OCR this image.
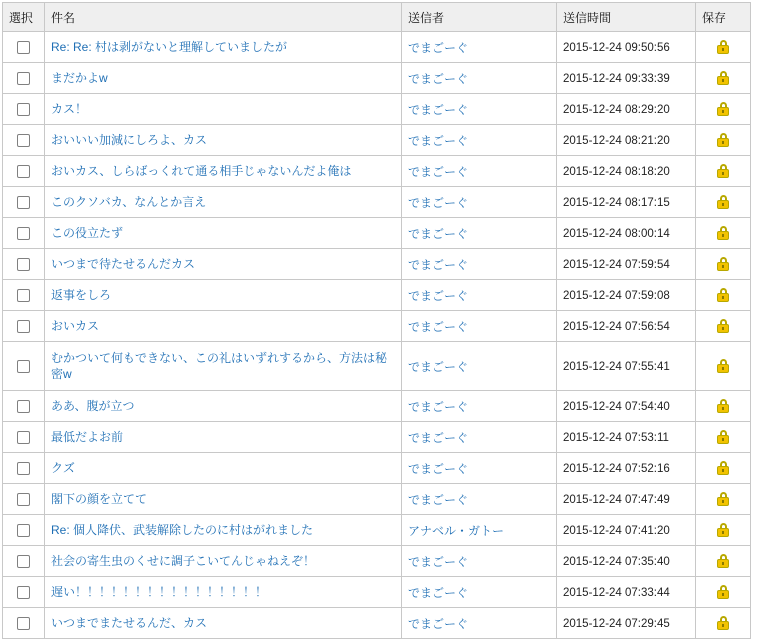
選択	件名	送信者	送信時間	保存
	Re: Re: 村は剥がないと理解していましたが	でまごーぐ	2015-12-24 09:50:56	

	まだかよw	でまごーぐ	2015-12-24 09:33:39	

	カス！	でまごーぐ	2015-12-24 08:29:20	

	おいいい加減にしろよ、カス	でまごーぐ	2015-12-24 08:21:20	

	おいカス、しらばっくれて通る相手じゃないんだよ俺は	でまごーぐ	2015-12-24 08:18:20	

	このクソバカ、なんとか言え	でまごーぐ	2015-12-24 08:17:15	

	この役立たず	でまごーぐ	2015-12-24 08:00:14	

	いつまで待たせるんだカス	でまごーぐ	2015-12-24 07:59:54	

	返事をしろ	でまごーぐ	2015-12-24 07:59:08	

	おいカス	でまごーぐ	2015-12-24 07:56:54	

	むかついて何もできない、この礼はいずれするから、方法は秘密w	でまごーぐ	2015-12-24 07:55:41	

	ああ、腹が立つ	でまごーぐ	2015-12-24 07:54:40	

	最低だよお前	でまごーぐ	2015-12-24 07:53:11	

	クズ	でまごーぐ	2015-12-24 07:52:16	

	閣下の顔を立てて	でまごーぐ	2015-12-24 07:47:49	

	Re: 個人降伏、武装解除したのに村はがれました	アナベル・ガトー	2015-12-24 07:41:20	

	社会の寄生虫のくせに調子こいてんじゃねえぞ！	でまごーぐ	2015-12-24 07:35:40	

	遅い！！！！！！！！！！！！！！！！	でまごーぐ	2015-12-24 07:33:44	

	いつまでまたせるんだ、カス	でまごーぐ	2015-12-24 07:29:45	
